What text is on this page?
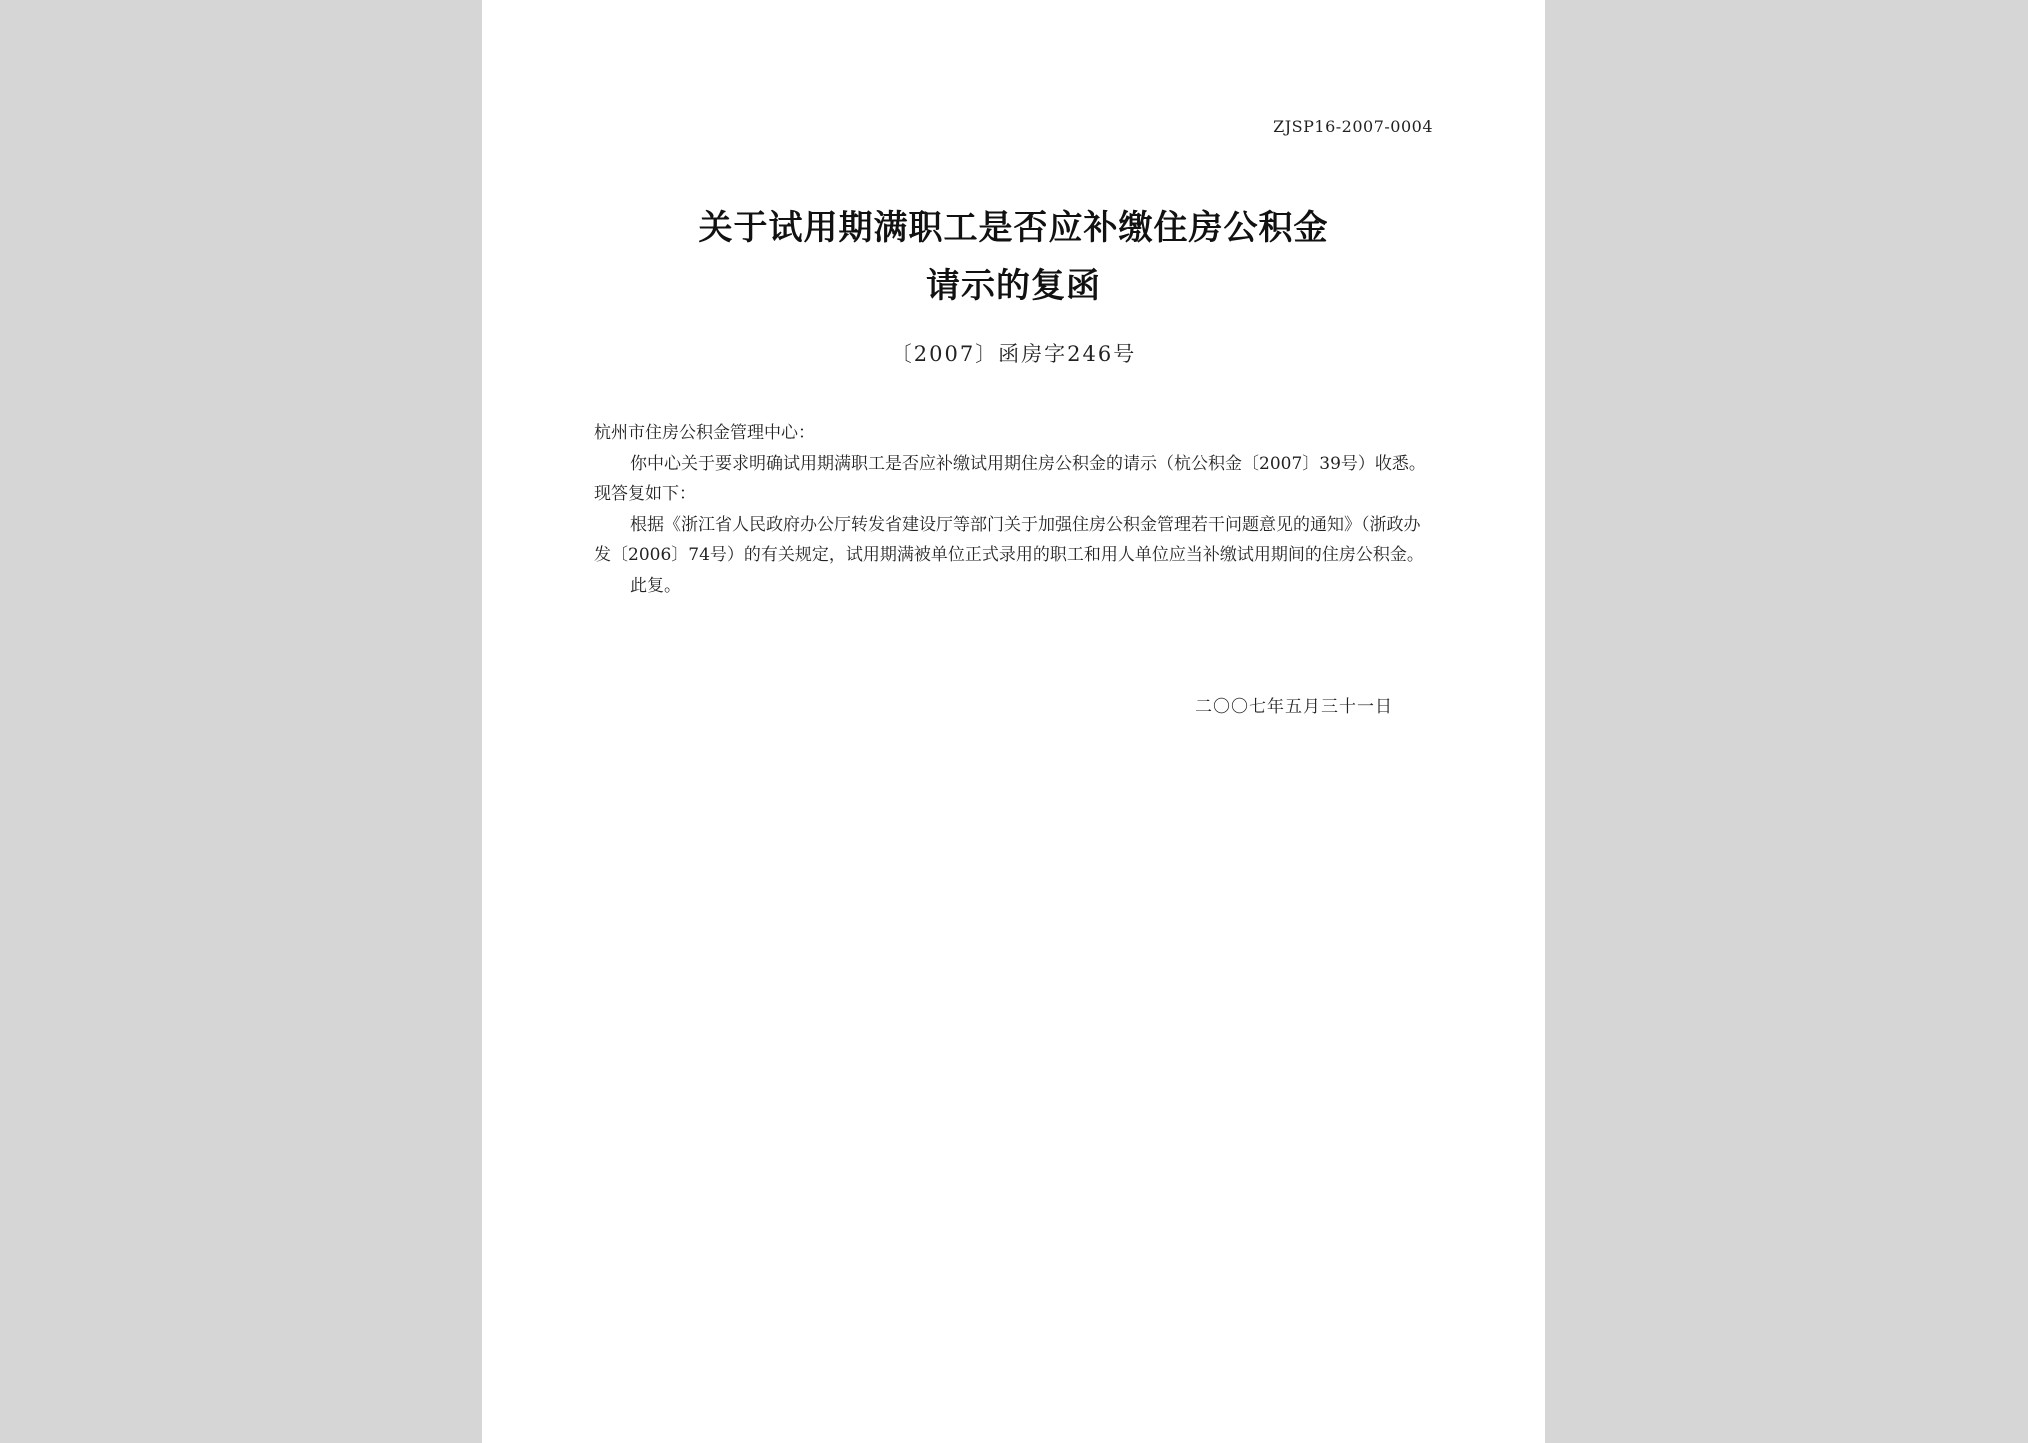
ZJSP16-2007-0004
关于试用期满职工是否应补缴住房公积金
请示的复函
〔2007〕函房字246号

杭州市住房公积金管理中心：

你中心关于要求明确试用期满职工是否应补缴试用期住房公积金的请示（杭公积金〔2007〕39号）收悉。现答复如下：

根据《浙江省人民政府办公厅转发省建设厅等部门关于加强住房公积金管理若干问题意见的通知》（浙政办发〔2006〕74号）的有关规定，试用期满被单位正式录用的职工和用人单位应当补缴试用期间的住房公积金。

此复。

二〇〇七年五月三十一日
